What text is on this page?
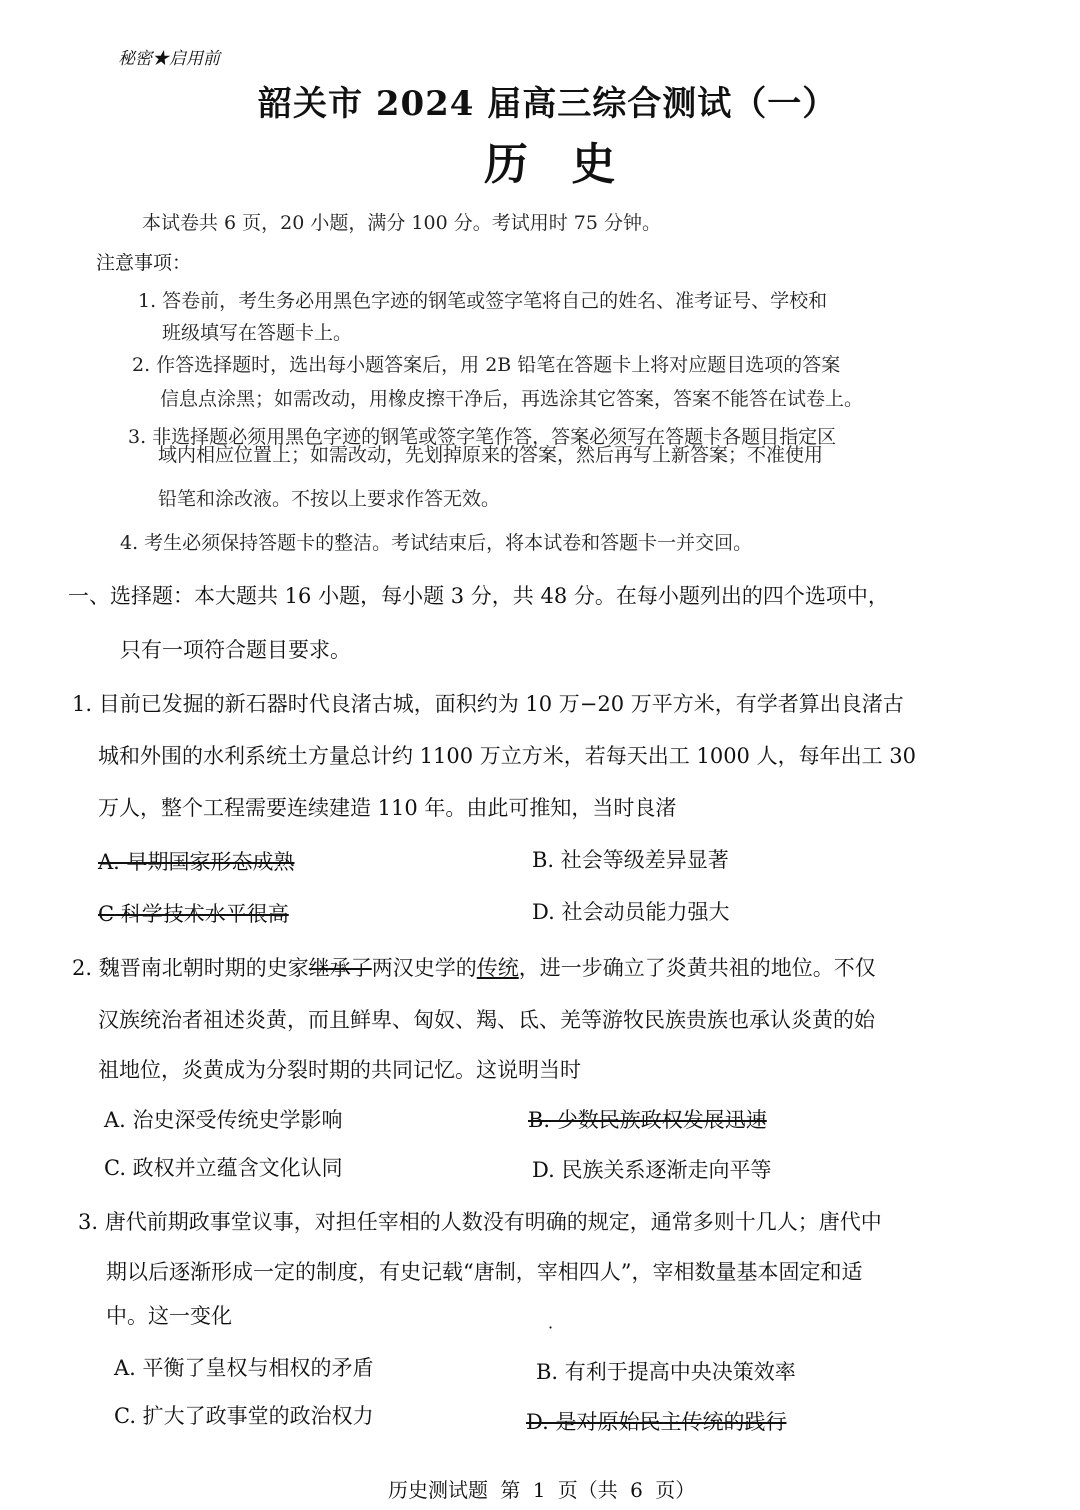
秘密★启用前
韶关市 2024 届高三综合测试（一）
历 史
本试卷共 6 页，20 小题，满分 100 分。考试用时 75 分钟。
注意事项：
1. 答卷前，考生务必用黑色字迹的钢笔或签字笔将自己的姓名、准考证号、学校和
班级填写在答题卡上。
2. 作答选择题时，选出每小题答案后，用 2B 铅笔在答题卡上将对应题目选项的答案
信息点涂黑；如需改动，用橡皮擦干净后，再选涂其它答案，答案不能答在试卷上。
3. 非选择题必须用黑色字迹的钢笔或签字笔作答，答案必须写在答题卡各题目指定区
域内相应位置上；如需改动，先划掉原来的答案，然后再写上新答案；不准使用
铅笔和涂改液。不按以上要求作答无效。
4. 考生必须保持答题卡的整洁。考试结束后，将本试卷和答题卡一并交回。
一、选择题：本大题共 16 小题，每小题 3 分，共 48 分。在每小题列出的四个选项中，
只有一项符合题目要求。
1. 目前已发掘的新石器时代良渚古城，面积约为 10 万−20 万平方米，有学者算出良渚古
城和外围的水利系统土方量总计约 1100 万立方米，若每天出工 1000 人，每年出工 30
万人，整个工程需要连续建造 110 年。由此可推知，当时良渚
A. 早期国家形态成熟	B. 社会等级差异显著
C 科学技术水平很高	D. 社会动员能力强大
2. 魏晋南北朝时期的史家继承了两汉史学的传统，进一步确立了炎黄共祖的地位。不仅
汉族统治者祖述炎黄，而且鲜卑、匈奴、羯、氐、羌等游牧民族贵族也承认炎黄的始
祖地位，炎黄成为分裂时期的共同记忆。这说明当时
A. 治史深受传统史学影响	B. 少数民族政权发展迅速
C. 政权并立蕴含文化认同	D. 民族关系逐渐走向平等
3. 唐代前期政事堂议事，对担任宰相的人数没有明确的规定，通常多则十几人；唐代中
期以后逐渐形成一定的制度，有史记载“唐制，宰相四人”，宰相数量基本固定和适
中。这一变化	·
A. 平衡了皇权与相权的矛盾	B. 有利于提高中央决策效率
C. 扩大了政事堂的政治权力	D. 是对原始民主传统的践行
历史测试题 第 1 页（共 6 页）
